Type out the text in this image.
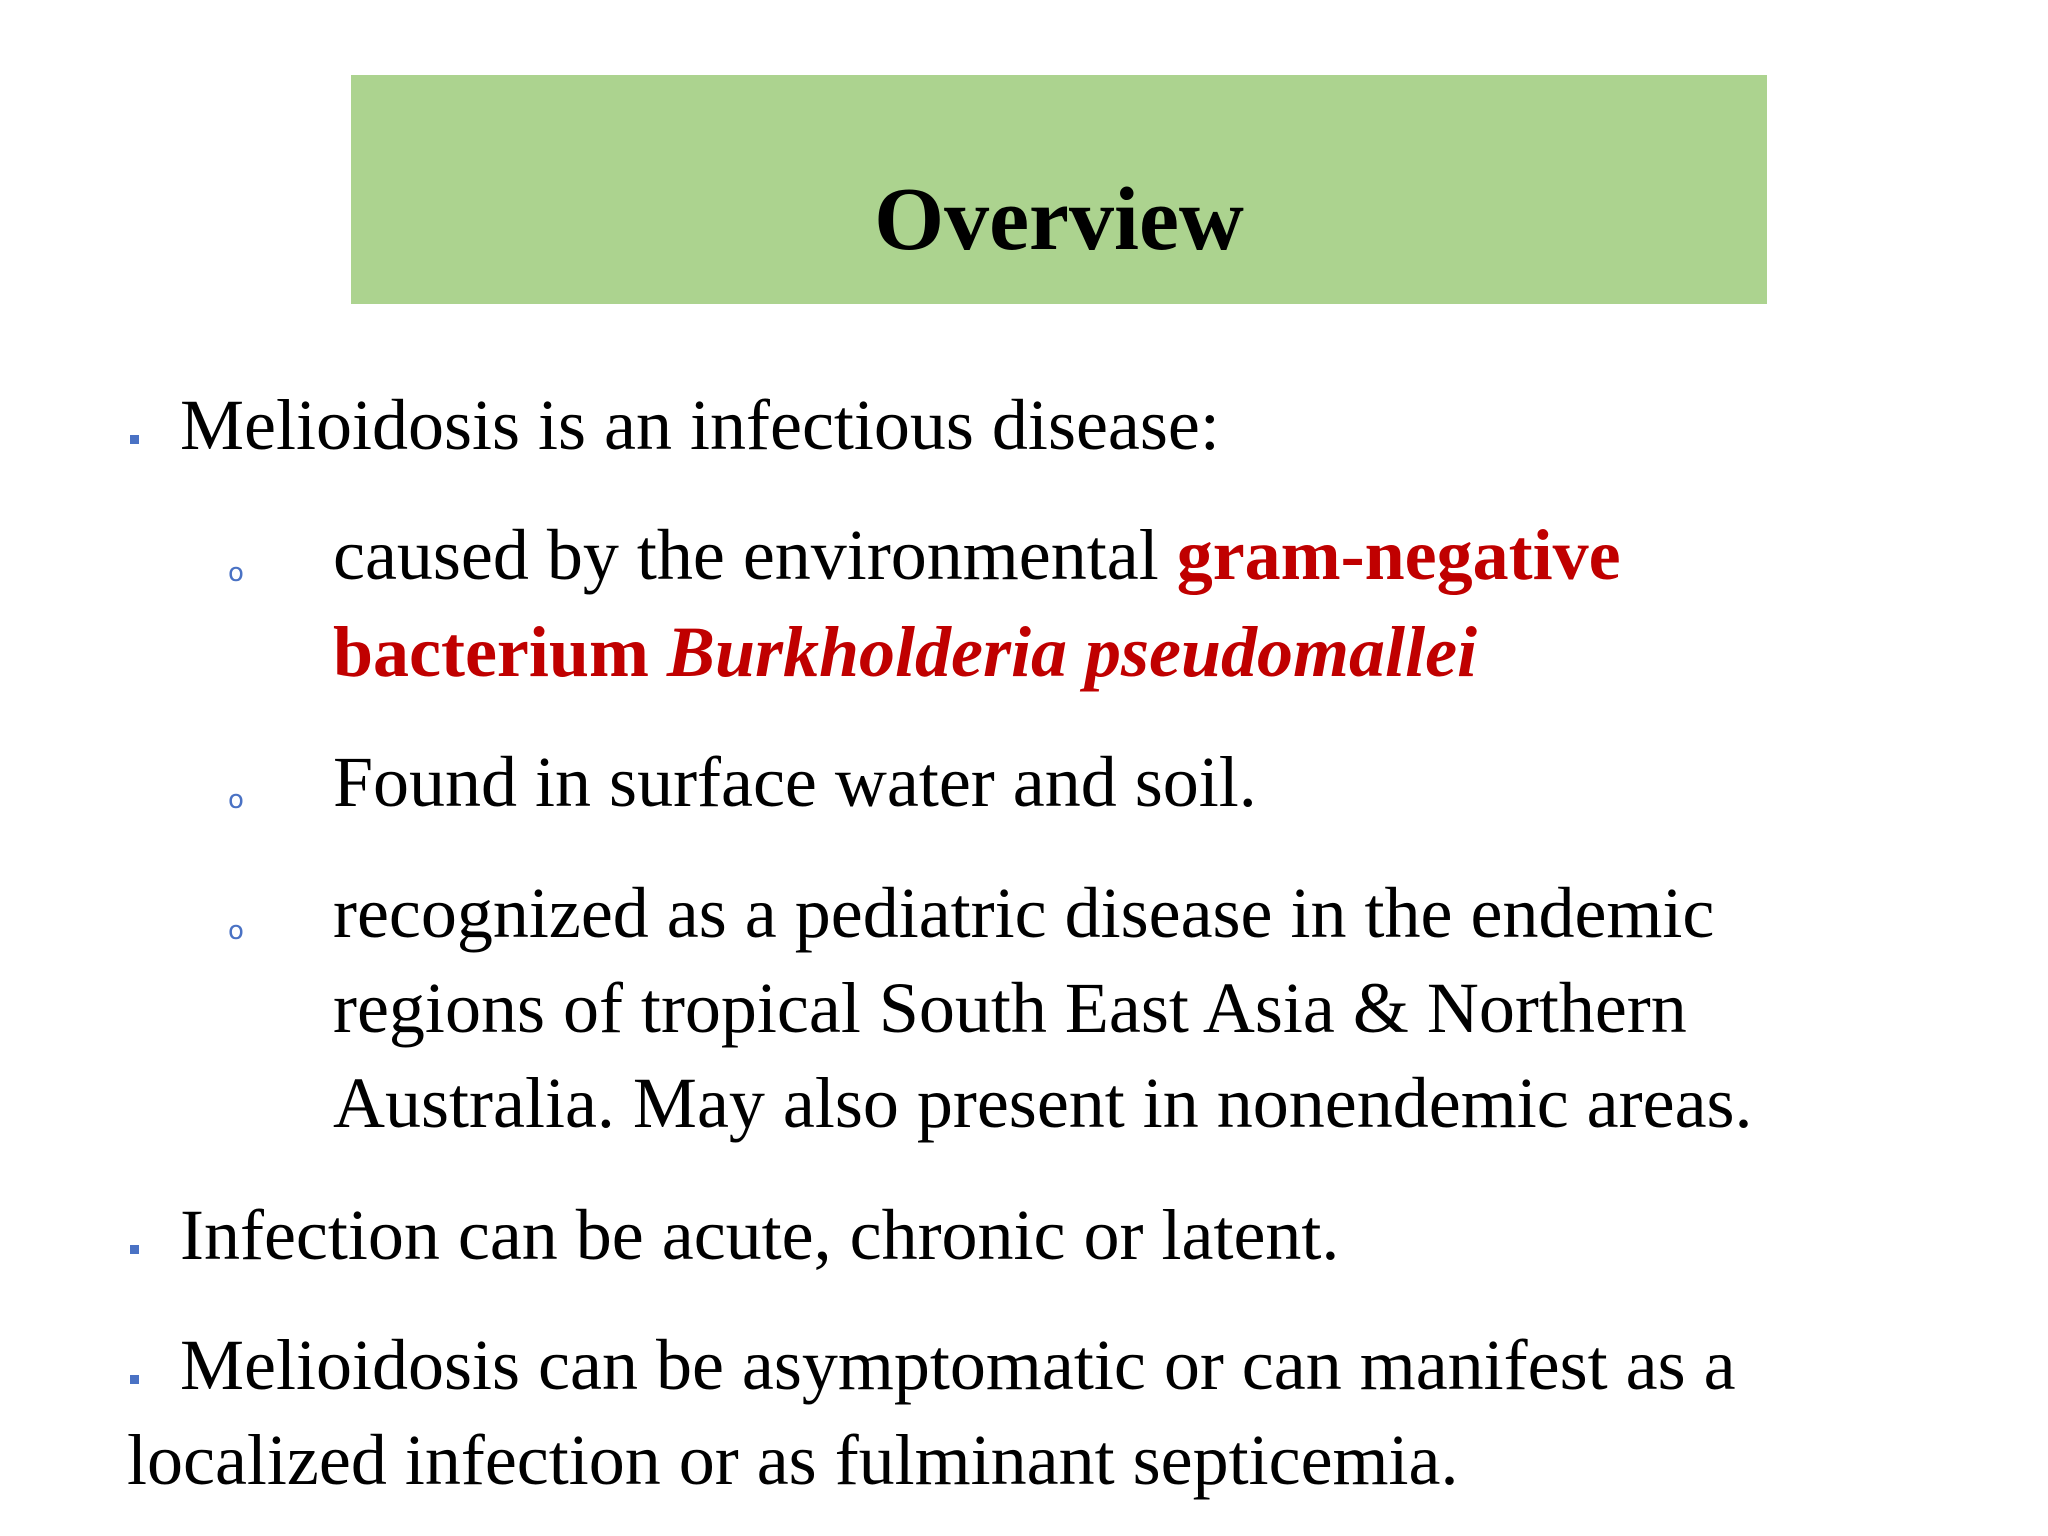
Overview
Melioidosis is an infectious disease:
o caused by the environmental gram-negative
bacterium Burkholderia pseudomallei
o Found in surface water and soil.
o recognized as a pediatric disease in the endemic
regions of tropical South East Asia & Northern
Australia. May also present in nonendemic areas.
Infection can be acute, chronic or latent.
Melioidosis can be asymptomatic or can manifest as a
localized infection or as fulminant septicemia.
